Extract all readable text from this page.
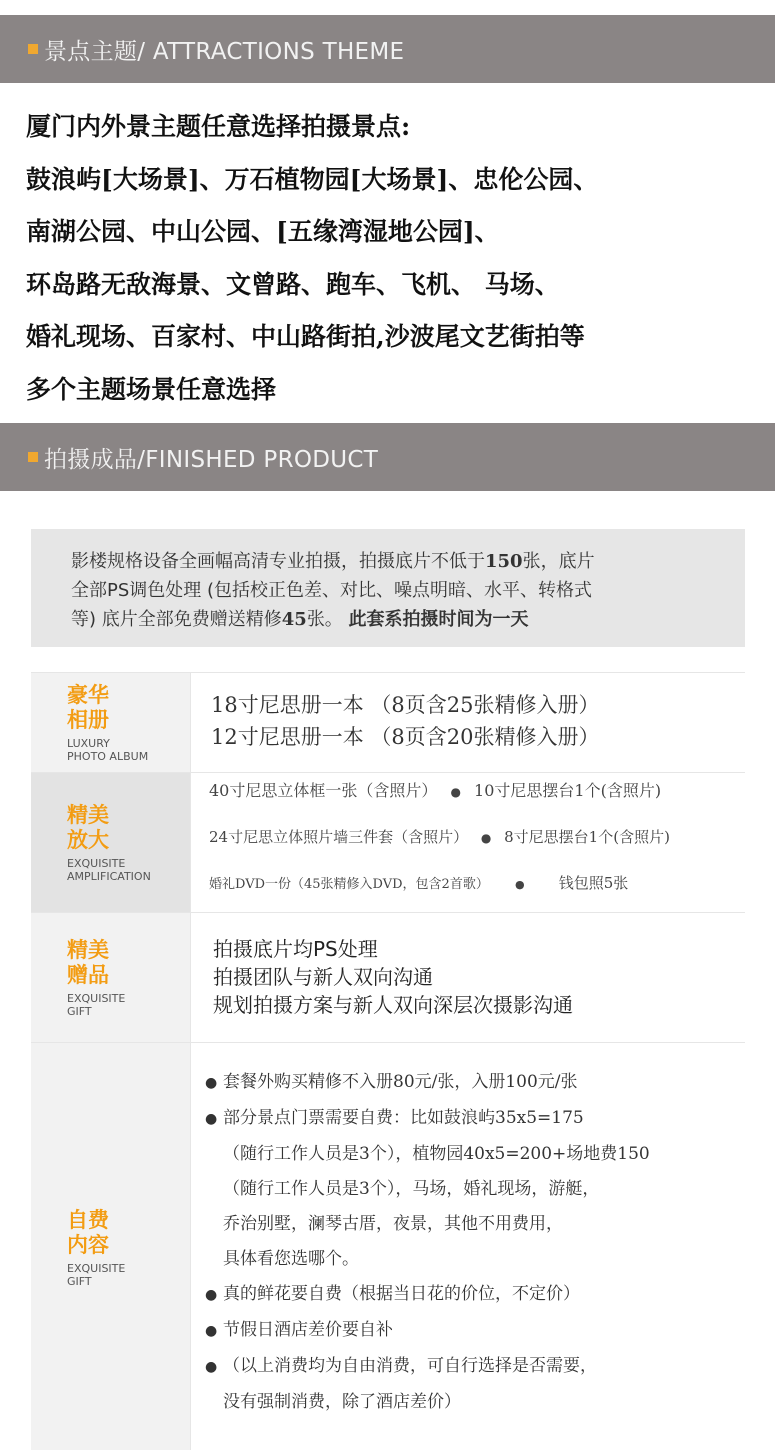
景点主题/ ATTRACTIONS THEME
厦门内外景主题任意选择拍摄景点:
鼓浪屿[大场景]、万石植物园[大场景]、忠伦公园、
南湖公园、中山公园、[五缘湾湿地公园]、
环岛路无敌海景、文曾路、跑车、飞机、 马场、
婚礼现场、百家村、中山路街拍,沙波尾文艺街拍等
多个主题场景任意选择
拍摄成品/FINISHED PRODUCT
影楼规格设备全画幅高清专业拍摄，拍摄底片不低于150张，底片
全部PS调色处理 (包括校正色差、对比、噪点明暗、水平、转格式
等) 底片全部免费赠送精修45张。 此套系拍摄时间为一天
豪华
相册
LUXURY
PHOTO ALBUM
18寸尼思册一本 （8页含25张精修入册）
12寸尼思册一本 （8页含20张精修入册）
精美
放大
EXQUISITE
AMPLIFICATION
40寸尼思立体框一张（含照片） ● 10寸尼思摆台1个(含照片)
24寸尼思立体照片墙三件套（含照片） ● 8寸尼思摆台1个(含照片)
婚礼DVD一份（45张精修入DVD，包含2首歌） ● 钱包照5张
精美
赠品
EXQUISITE
GIFT
拍摄底片均PS处理
拍摄团队与新人双向沟通
规划拍摄方案与新人双向深层次摄影沟通
自费
内容
EXQUISITE
GIFT
● 套餐外购买精修不入册80元/张，入册100元/张
● 部分景点门票需要自费：比如鼓浪屿35x5=175
（随行工作人员是3个），植物园40x5=200+场地费150
（随行工作人员是3个），马场，婚礼现场，游艇，
乔治别墅，澜琴古厝，夜景，其他不用费用，
具体看您选哪个。
● 真的鲜花要自费（根据当日花的价位，不定价）
● 节假日酒店差价要自补
● （以上消费均为自由消费，可自行选择是否需要，
没有强制消费，除了酒店差价）
